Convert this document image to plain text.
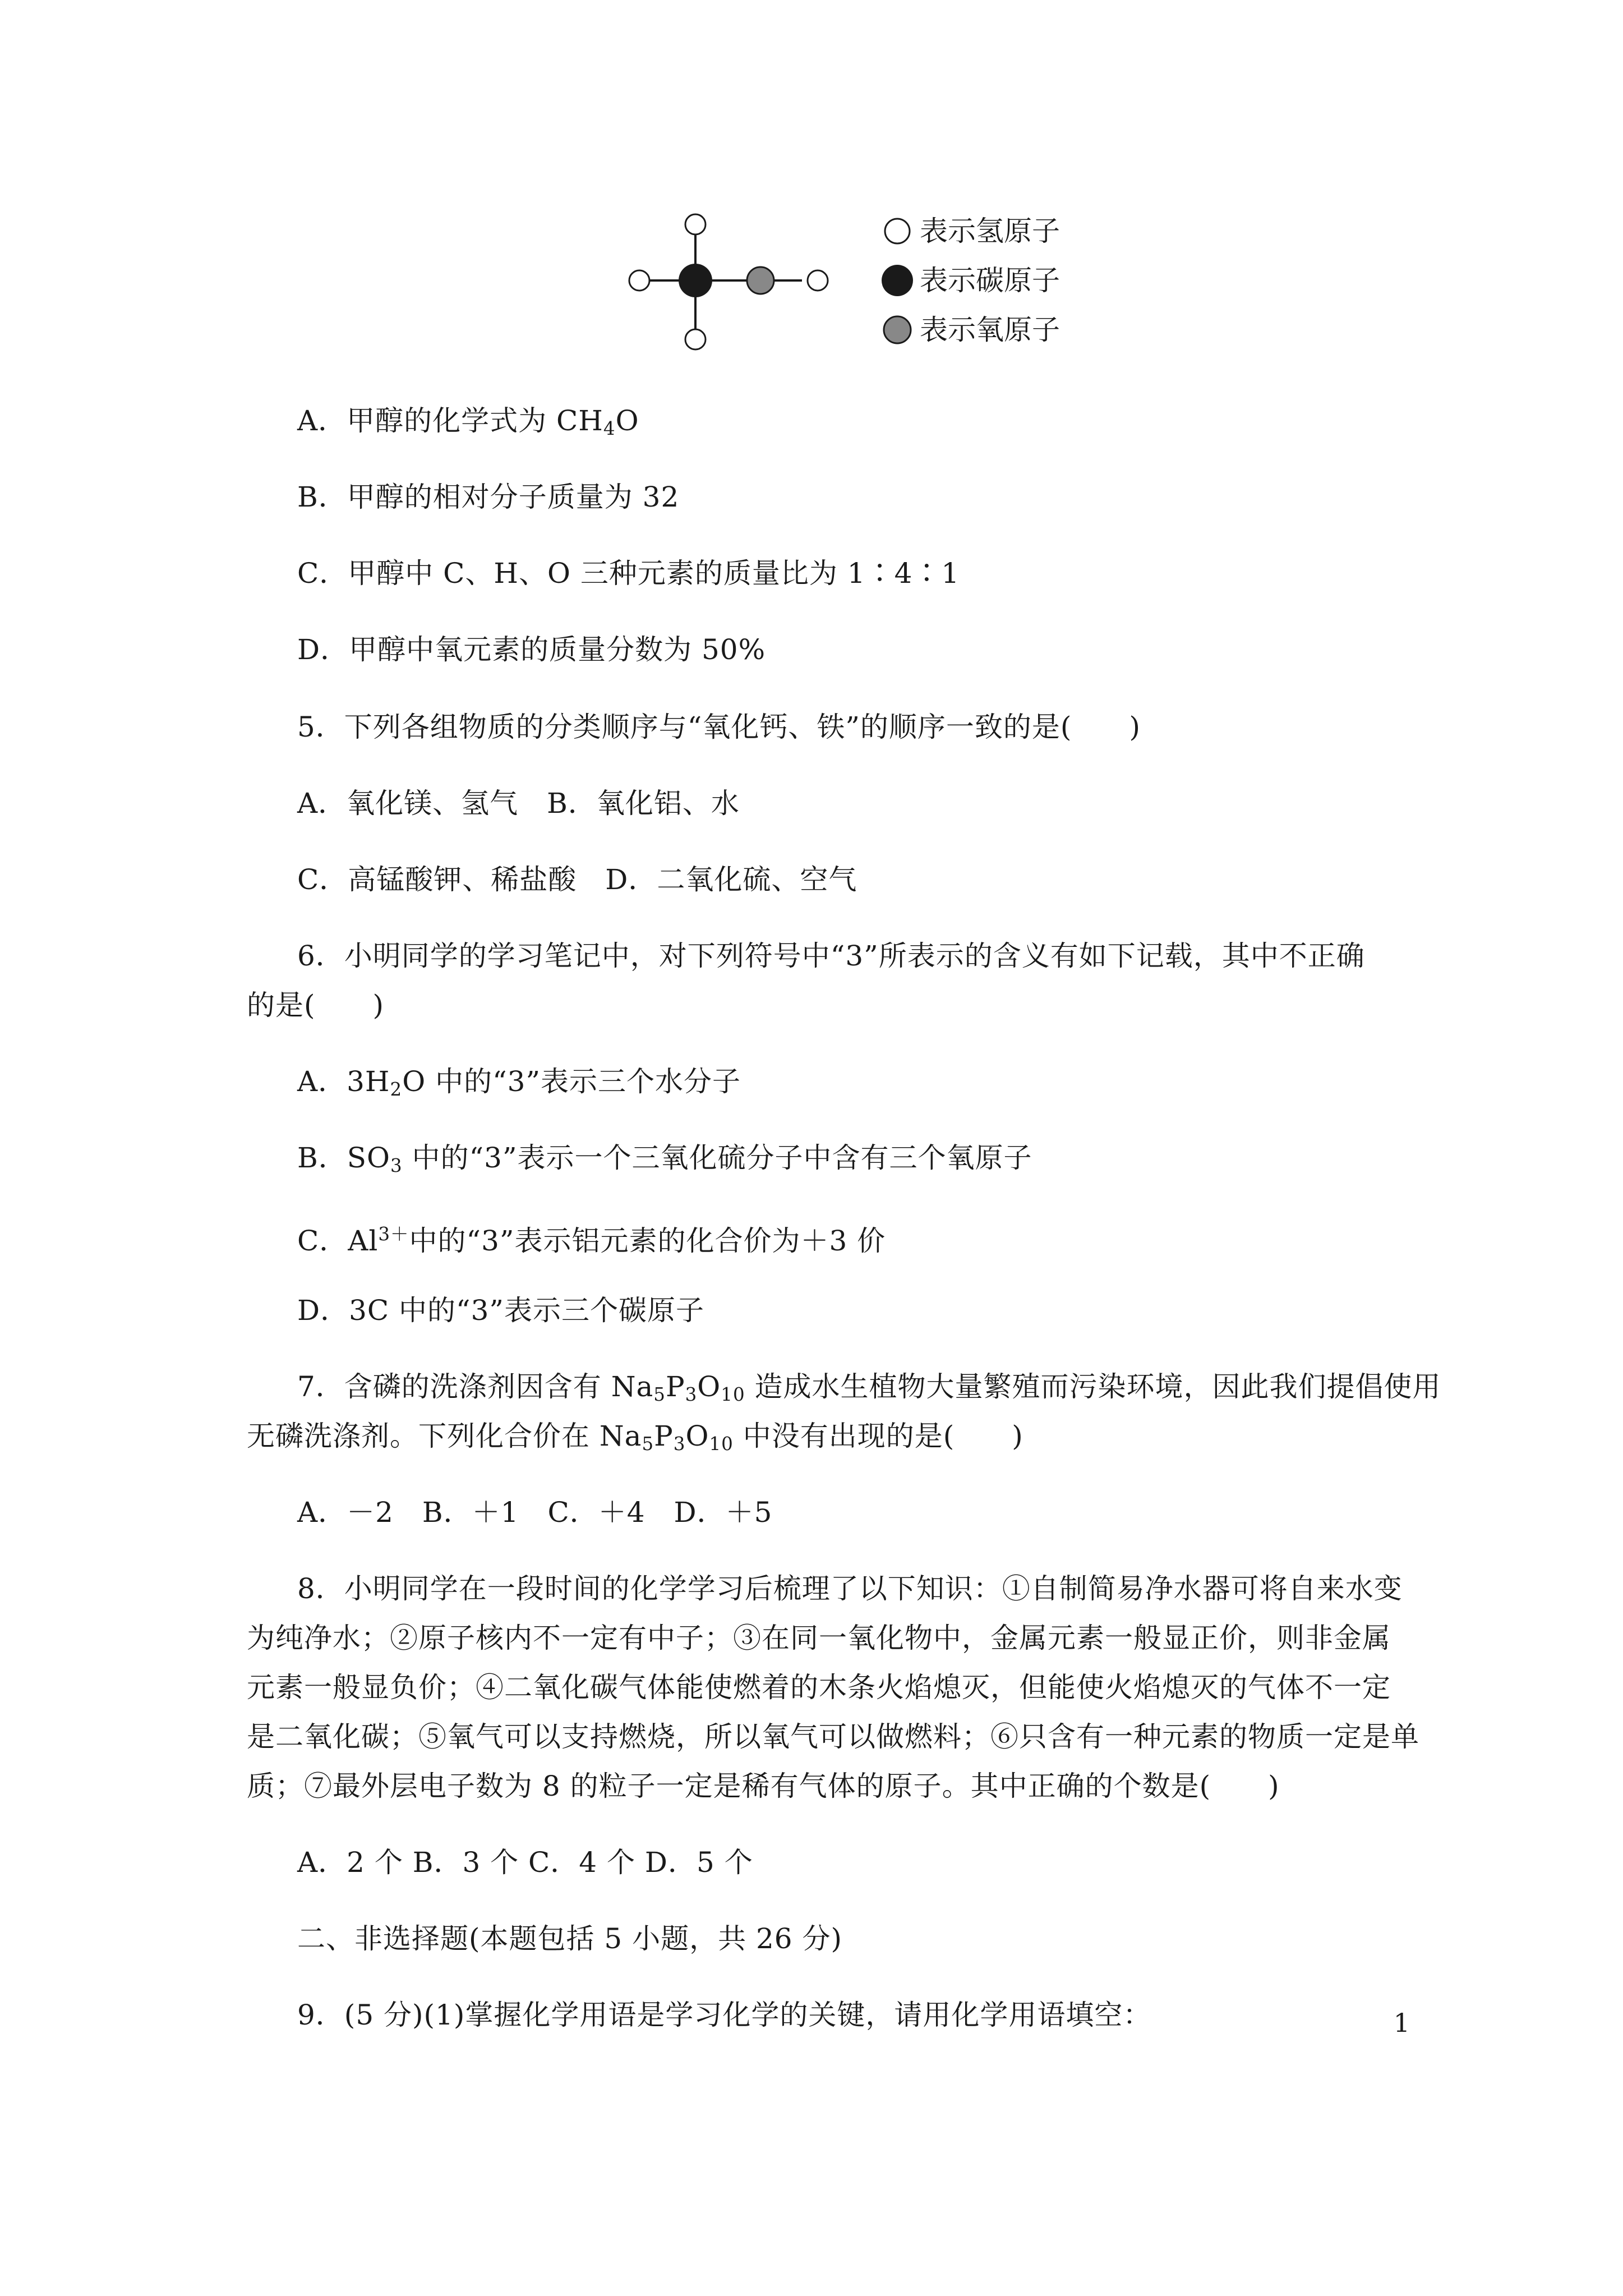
表示氢原子
表示碳原子
表示氧原子
A．甲醇的化学式为 $CH_4O$
B．甲醇的相对分子质量为 32
C．甲醇中 C、H、O 三种元素的质量比为 1∶4∶1
D．甲醇中氧元素的质量分数为 50%
5．下列各组物质的分类顺序与“氧化钙、铁”的顺序一致的是(　　)
A．氧化镁、氢气　B．氧化铝、水
C．高锰酸钾、稀盐酸　D．二氧化硫、空气
6．小明同学的学习笔记中，对下列符号中“3”所表示的含义有如下记载，其中不正确
的是(　　)
A．$3H_2O$ 中的“3”表示三个水分子
B．$SO_3$ 中的“3”表示一个三氧化硫分子中含有三个氧原子
C．$Al^{3+}$中的“3”表示铝元素的化合价为＋3 价
D．3C 中的“3”表示三个碳原子
7．含磷的洗涤剂因含有 $Na_5P_3O_{10}$ 造成水生植物大量繁殖而污染环境，因此我们提倡使用
无磷洗涤剂。下列化合价在 $Na_5P_3O_{10}$ 中没有出现的是(　　)
A．－2　B．＋1　C．＋4　D．＋5
8．小明同学在一段时间的化学学习后梳理了以下知识：①自制简易净水器可将自来水变
为纯净水；②原子核内不一定有中子；③在同一氧化物中，金属元素一般显正价，则非金属
元素一般显负价；④二氧化碳气体能使燃着的木条火焰熄灭，但能使火焰熄灭的气体不一定
是二氧化碳；⑤氧气可以支持燃烧，所以氧气可以做燃料；⑥只含有一种元素的物质一定是单
质；⑦最外层电子数为 8 的粒子一定是稀有气体的原子。其中正确的个数是(　　)
A．2 个 B．3 个 C．4 个 D．5 个
二、非选择题(本题包括 5 小题，共 26 分)
9．(5 分)(1)掌握化学用语是学习化学的关键，请用化学用语填空：	1
